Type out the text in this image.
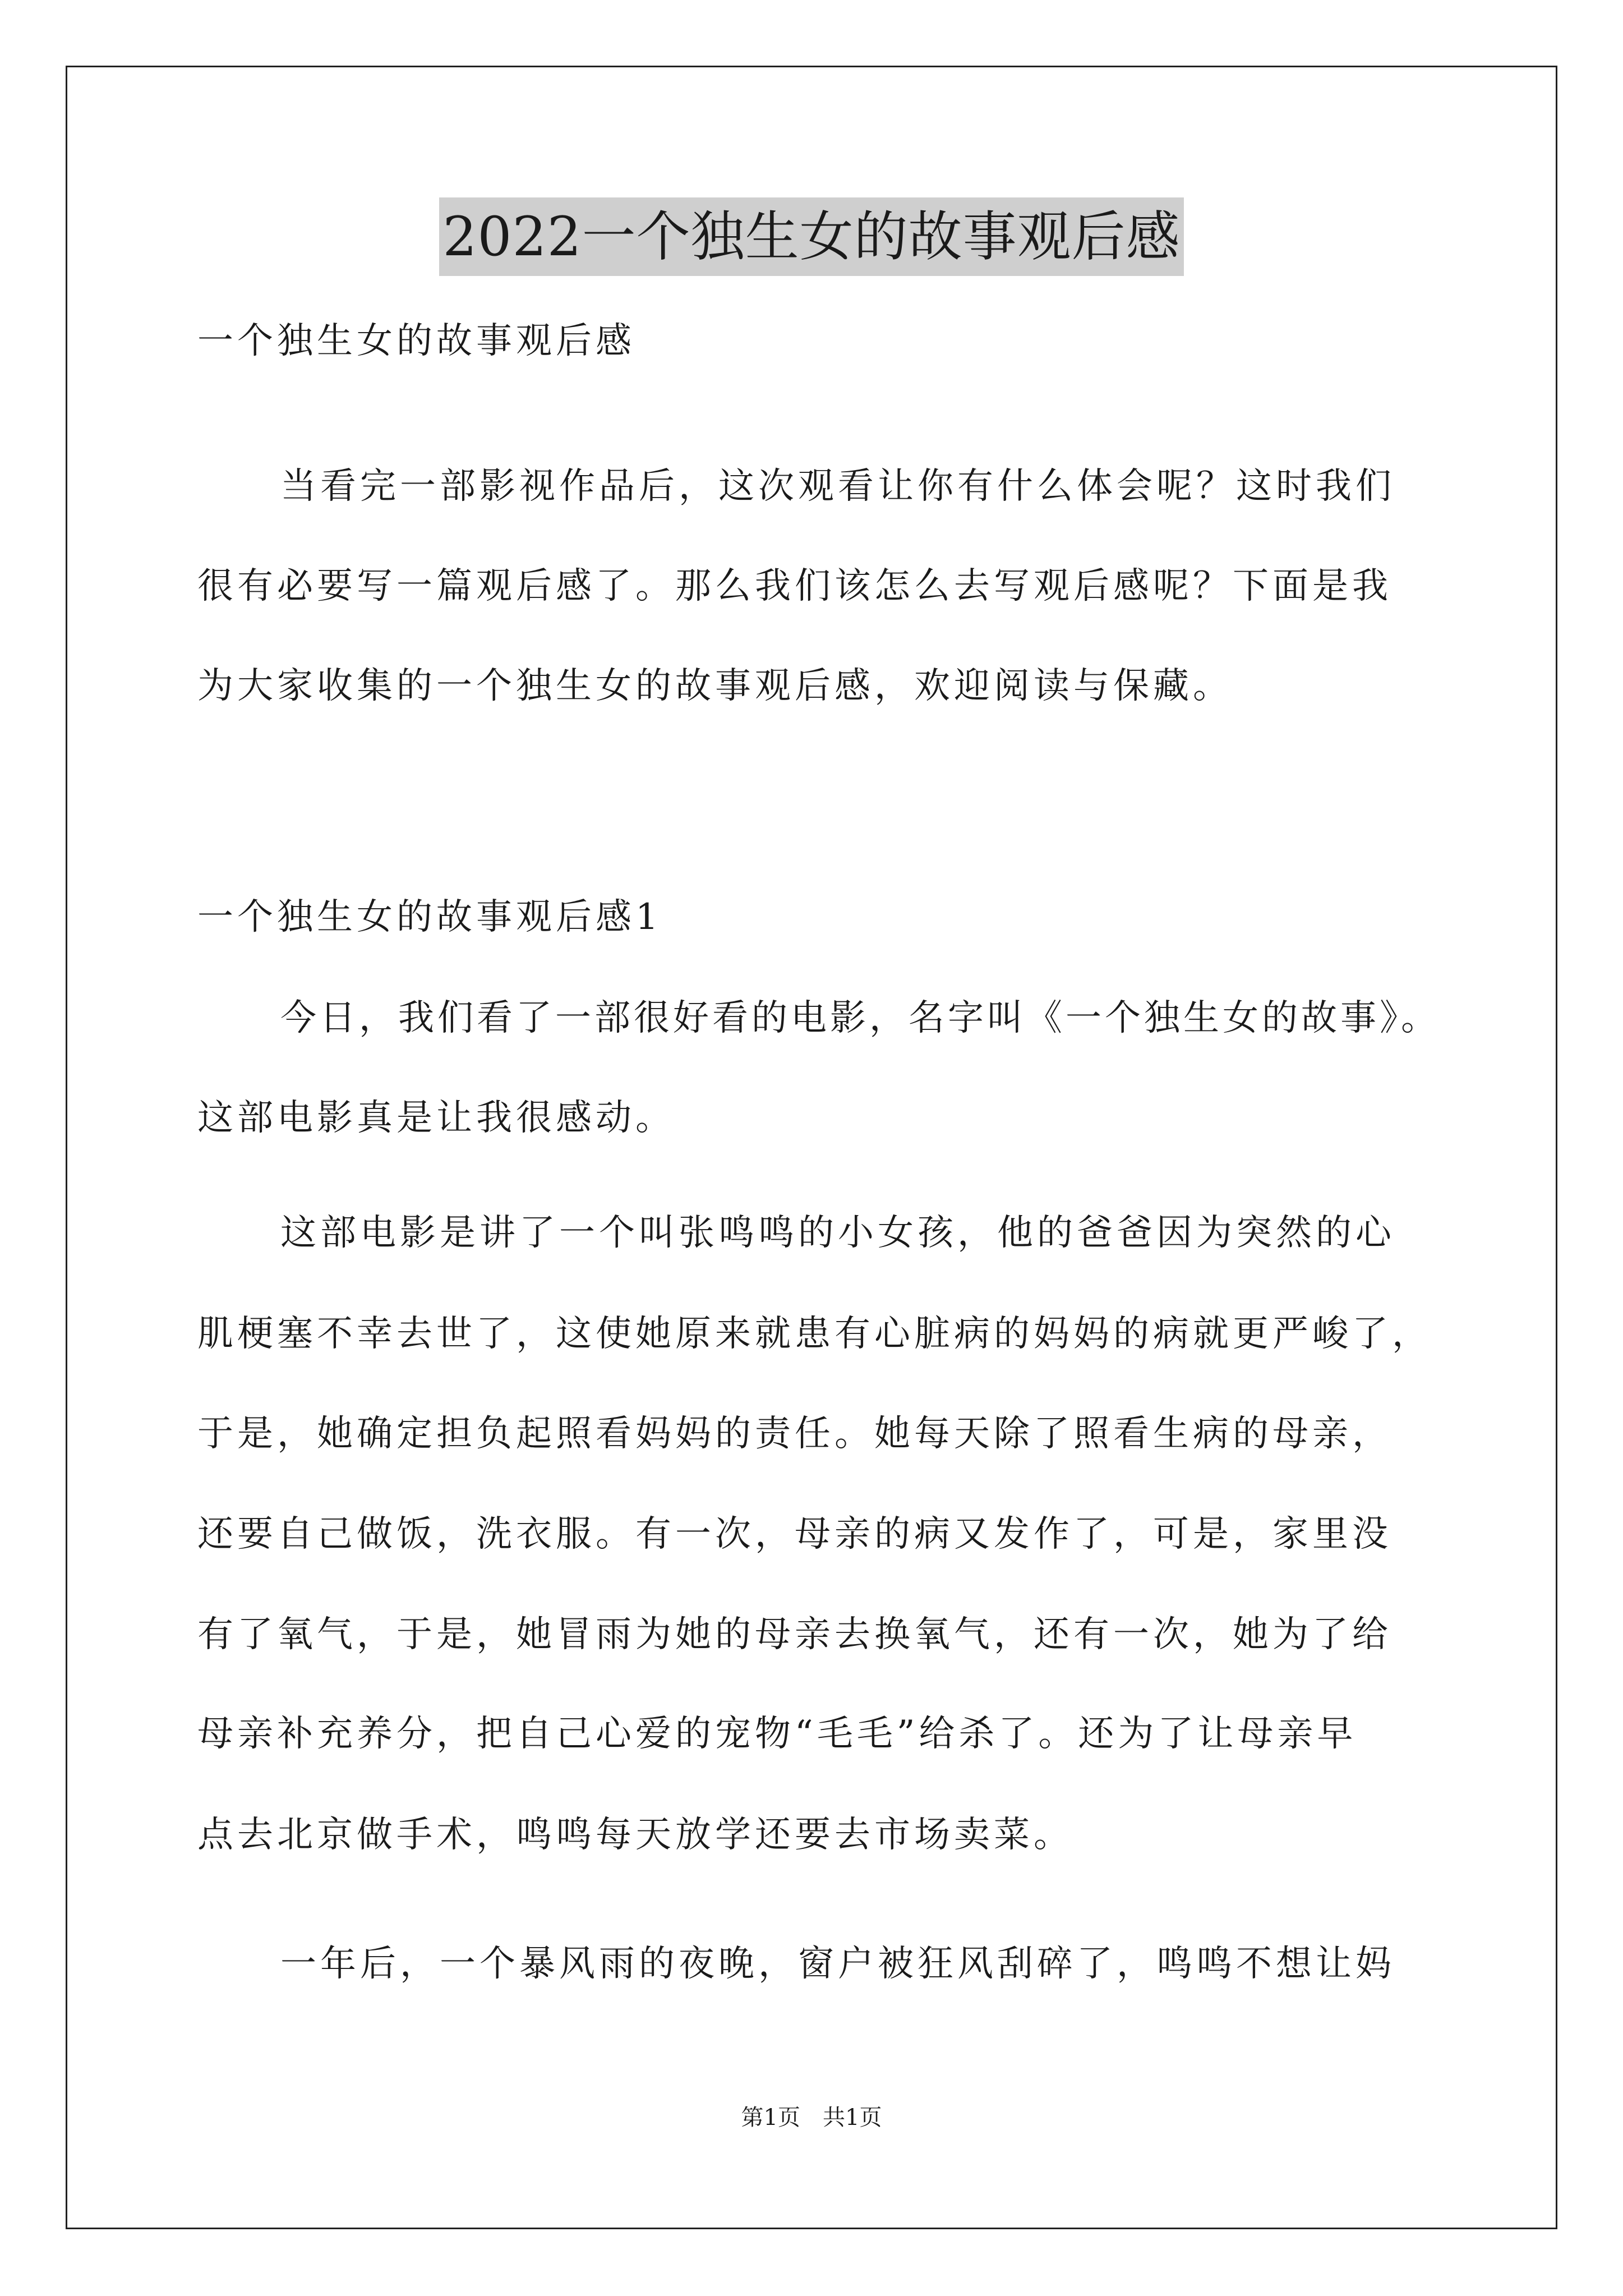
2022一个独生女的故事观后感
一个独生女的故事观后感
当看完一部影视作品后，这次观看让你有什么体会呢？这时我们
很有必要写一篇观后感了。那么我们该怎么去写观后感呢？下面是我
为大家收集的一个独生女的故事观后感，欢迎阅读与保藏。
一个独生女的故事观后感1
今日，我们看了一部很好看的电影，名字叫《一个独生女的故事》。
这部电影真是让我很感动。
这部电影是讲了一个叫张鸣鸣的小女孩，他的爸爸因为突然的心
肌梗塞不幸去世了，这使她原来就患有心脏病的妈妈的病就更严峻了，
于是，她确定担负起照看妈妈的责任。她每天除了照看生病的母亲，
还要自己做饭，洗衣服。有一次，母亲的病又发作了，可是，家里没
有了氧气，于是，她冒雨为她的母亲去换氧气，还有一次，她为了给
母亲补充养分，把自己心爱的宠物“毛毛”给杀了。还为了让母亲早
点去北京做手术，鸣鸣每天放学还要去市场卖菜。
一年后，一个暴风雨的夜晚，窗户被狂风刮碎了，鸣鸣不想让妈
第1页　共1页
